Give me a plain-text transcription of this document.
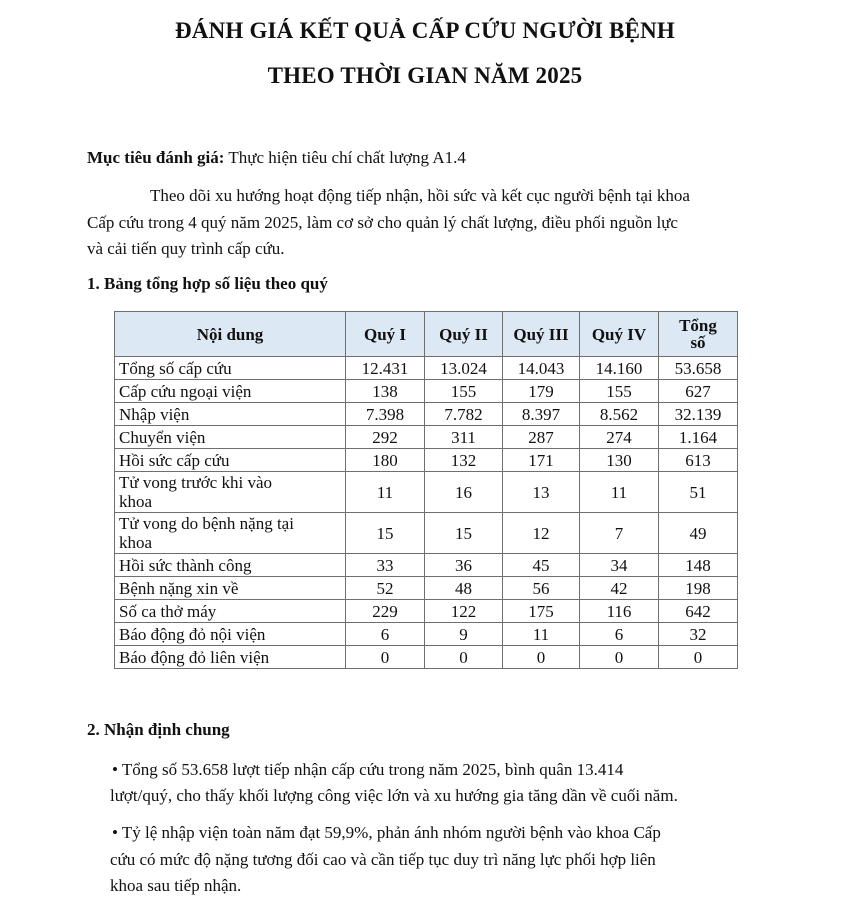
ĐÁNH GIÁ KẾT QUẢ CẤP CỨU NGƯỜI BỆNH
THEO THỜI GIAN NĂM 2025
Mục tiêu đánh giá: Thực hiện tiêu chí chất lượng A1.4
Theo dõi xu hướng hoạt động tiếp nhận, hồi sức và kết cục người bệnh tại khoa
Cấp cứu trong 4 quý năm 2025, làm cơ sở cho quản lý chất lượng, điều phối nguồn lực
và cải tiến quy trình cấp cứu.
1. Bảng tổng hợp số liệu theo quý
Nội dung	Quý I	Quý II	Quý III	Quý IV	Tổng
số
Tổng số cấp cứu	12.431	13.024	14.043	14.160	53.658
Cấp cứu ngoại viện	138	155	179	155	627
Nhập viện	7.398	7.782	8.397	8.562	32.139
Chuyển viện	292	311	287	274	1.164
Hồi sức cấp cứu	180	132	171	130	613
Tử vong trước khi vào
khoa	11	16	13	11	51
Tử vong do bệnh nặng tại
khoa	15	15	12	7	49
Hồi sức thành công	33	36	45	34	148
Bệnh nặng xin về	52	48	56	42	198
Số ca thở máy	229	122	175	116	642
Báo động đỏ nội viện	6	9	11	6	32
Báo động đỏ liên viện	0	0	0	0	0
2. Nhận định chung
• Tổng số 53.658 lượt tiếp nhận cấp cứu trong năm 2025, bình quân 13.414
lượt/quý, cho thấy khối lượng công việc lớn và xu hướng gia tăng dần về cuối năm.
• Tỷ lệ nhập viện toàn năm đạt 59,9%, phản ánh nhóm người bệnh vào khoa Cấp
cứu có mức độ nặng tương đối cao và cần tiếp tục duy trì năng lực phối hợp liên
khoa sau tiếp nhận.
